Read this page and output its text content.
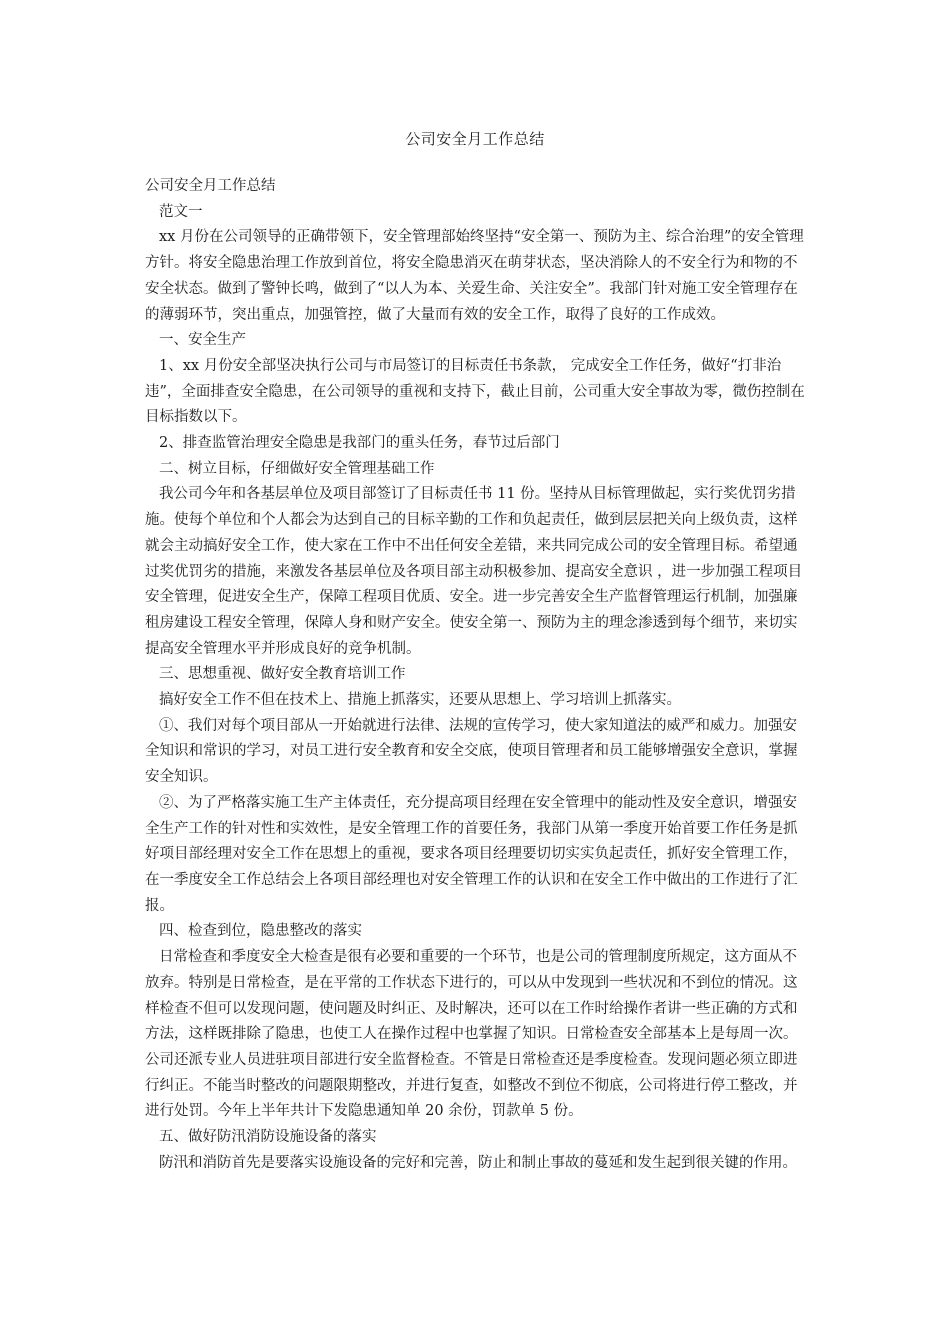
公司安全月工作总结

公司安全月工作总结

范文一

xx 月份在公司领导的正确带领下，安全管理部始终坚持“安全第一、预防为主、综合治理”的安全管理方针。将安全隐患治理工作放到首位，将安全隐患消灭在萌芽状态，坚决消除人的不安全行为和物的不安全状态。做到了警钟长鸣，做到了“以人为本、关爱生命、关注安全”。我部门针对施工安全管理存在的薄弱环节，突出重点，加强管控，做了大量而有效的安全工作，取得了良好的工作成效。

一、安全生产

1、xx 月份安全部坚决执行公司与市局签订的目标责任书条款， 完成安全工作任务，做好“打非治违”，全面排查安全隐患，在公司领导的重视和支持下，截止目前，公司重大安全事故为零，微伤控制在目标指数以下。

2、排查监管治理安全隐患是我部门的重头任务，春节过后部门

二、树立目标，仔细做好安全管理基础工作

我公司今年和各基层单位及项目部签订了目标责任书 11 份。坚持从目标管理做起，实行奖优罚劣措施。使每个单位和个人都会为达到自己的目标辛勤的工作和负起责任，做到层层把关向上级负责，这样就会主动搞好安全工作，使大家在工作中不出任何安全差错，来共同完成公司的安全管理目标。希望通过奖优罚劣的措施，来激发各基层单位及各项目部主动积极参加、提高安全意识 ，进一步加强工程项目安全管理，促进安全生产，保障工程项目优质、安全。进一步完善安全生产监督管理运行机制，加强廉租房建设工程安全管理，保障人身和财产安全。使安全第一、预防为主的理念渗透到每个细节，来切实提高安全管理水平并形成良好的竞争机制。

三、思想重视、做好安全教育培训工作

搞好安全工作不但在技术上、措施上抓落实，还要从思想上、学习培训上抓落实。

①、我们对每个项目部从一开始就进行法律、法规的宣传学习，使大家知道法的威严和威力。加强安全知识和常识的学习，对员工进行安全教育和安全交底，使项目管理者和员工能够增强安全意识，掌握安全知识。

②、为了严格落实施工生产主体责任，充分提高项目经理在安全管理中的能动性及安全意识，增强安全生产工作的针对性和实效性，是安全管理工作的首要任务，我部门从第一季度开始首要工作任务是抓好项目部经理对安全工作在思想上的重视，要求各项目经理要切切实实负起责任，抓好安全管理工作，在一季度安全工作总结会上各项目部经理也对安全管理工作的认识和在安全工作中做出的工作进行了汇报。

四、检查到位，隐患整改的落实

日常检查和季度安全大检查是很有必要和重要的一个环节，也是公司的管理制度所规定，这方面从不放弃。特别是日常检查，是在平常的工作状态下进行的，可以从中发现到一些状况和不到位的情况。这样检查不但可以发现问题，使问题及时纠正、及时解决，还可以在工作时给操作者讲一些正确的方式和方法，这样既排除了隐患，也使工人在操作过程中也掌握了知识。日常检查安全部基本上是每周一次。公司还派专业人员进驻项目部进行安全监督检查。不管是日常检查还是季度检查。发现问题必须立即进行纠正。不能当时整改的问题限期整改，并进行复查，如整改不到位不彻底，公司将进行停工整改，并进行处罚。今年上半年共计下发隐患通知单 20 余份，罚款单 5 份。

五、做好防汛消防设施设备的落实

防汛和消防首先是要落实设施设备的完好和完善，防止和制止事故的蔓延和发生起到很关键的作用。
